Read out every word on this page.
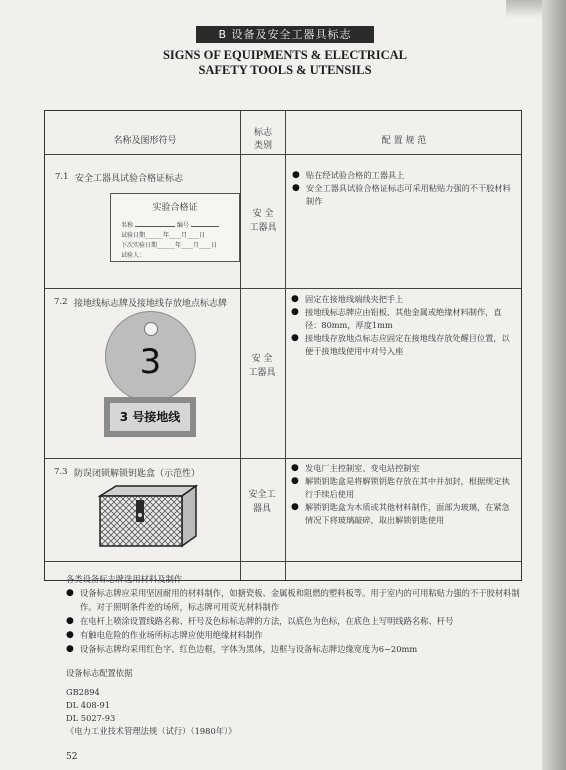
B 设备及安全工器具标志
SIGNS OF EQUIPMENTS & ELECTRICAL
SAFETY TOOLS & UTENSILS
名称及图形符号
标志
类别	配 置 规 范
7.1 安全工器具试验合格证标志
安 全
工器具
● 贴在经试验合格的工器具上
● 安全工器具试验合格证标志可采用粘贴力强的不干胶材料制作
实验合格证
名称	编号
试验日期______年____月____日
下次实验日期______年____月____日
试验人：
7.2 接地线标志牌及接地线存放地点标志牌
安 全
工器具
● 固定在接地线端线夹把手上
● 接地线标志牌应由铝板、其他金属或绝缘材料制作，直径：80mm，厚度1mm
● 接地线存放地点标志应固定在接地线存放处醒目位置，以便于接地线使用中对号入座
3
3 号接地线
7.3 防误闭锁解锁钥匙盒（示范性）
安全工
器具
● 发电厂主控制室、变电站控制室
● 解锁钥匙盒是将解锁钥匙存放在其中并加封，根据规定执行手续后使用
● 解锁钥匙盒为木质或其他材料制作，面部为玻璃，在紧急情况下将玻璃敲碎，取出解锁钥匙使用

各类设备标志牌选用材料及制作

● 设备标志牌应采用坚固耐用的材料制作，如搪瓷板、金属板和阻燃的塑料板等。用于室内的可用粘贴力强的不干胶材料制作。对于照明条件差的场所，标志牌可用荧光材料制作
● 在电杆上喷涂设置线路名称、杆号及色标标志牌的方法，以底色为色标，在底色上写明线路名称、杆号
● 有触电危险的作业场所标志牌应使用绝缘材料制作
● 设备标志牌均采用红色字、红色边框，字体为黑体，边框与设备标志牌边缘宽度为6~20mm
设备标志配置依据
GB2894
DL 408-91
DL 5027-93
《电力工业技术管理法规（试行）（1980年）》
52
